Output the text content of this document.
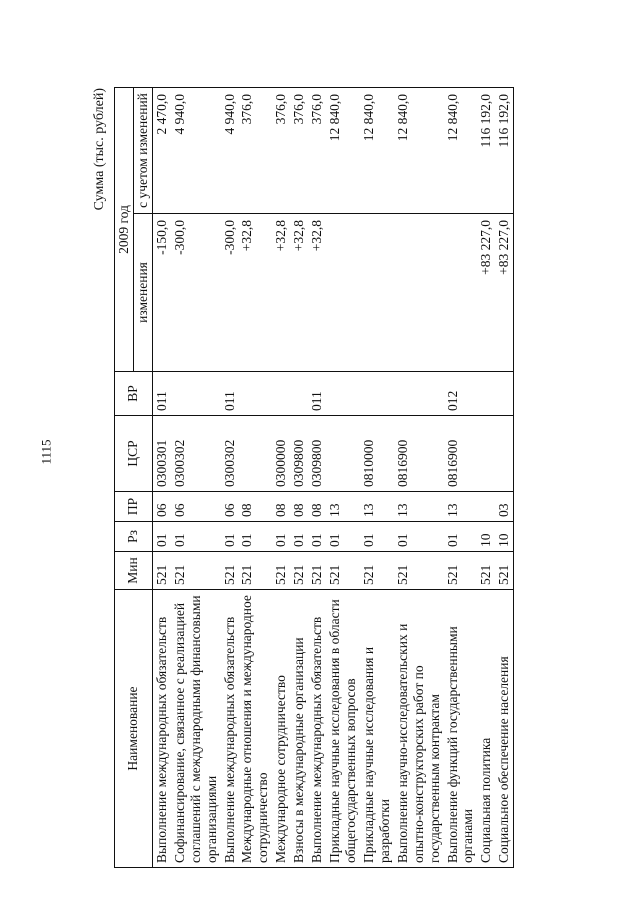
1115
Сумма (тыс. рублей)
Наименование	Мин	Рз	ПР	ЦСР	ВР	2009 год	
						изменения	с учетом изменений

Выполнение международных обязательств	521	01	06	0300301	011	-150,0	2 470,0
Софинансирование, связанное с реализацией соглашений с международными финансовыми организациями	521	01	06	0300302		-300,0	4 940,0
Выполнение международных обязательств	521	01	06	0300302	011	-300,0	4 940,0
Международные отношения и международное сотрудничество	521	01	08			+32,8	376,0
Международное сотрудничество	521	01	08	0300000		+32,8	376,0
Взносы в международные организации	521	01	08	0309800		+32,8	376,0
Выполнение международных обязательств	521	01	08	0309800	011	+32,8	376,0
Прикладные научные исследования в области общегосударственных вопросов	521	01	13				12 840,0
Прикладные научные исследования и разработки	521	01	13	0810000			12 840,0
Выполнение научно-исследовательских и опытно-конструкторских работ по государственным контрактам	521	01	13	0816900			12 840,0
Выполнение функций государственными органами	521	01	13	0816900	012		12 840,0
Социальная политика	521	10				+83 227,0	116 192,0
Социальное обеспечение населения	521	10	03			+83 227,0	116 192,0
